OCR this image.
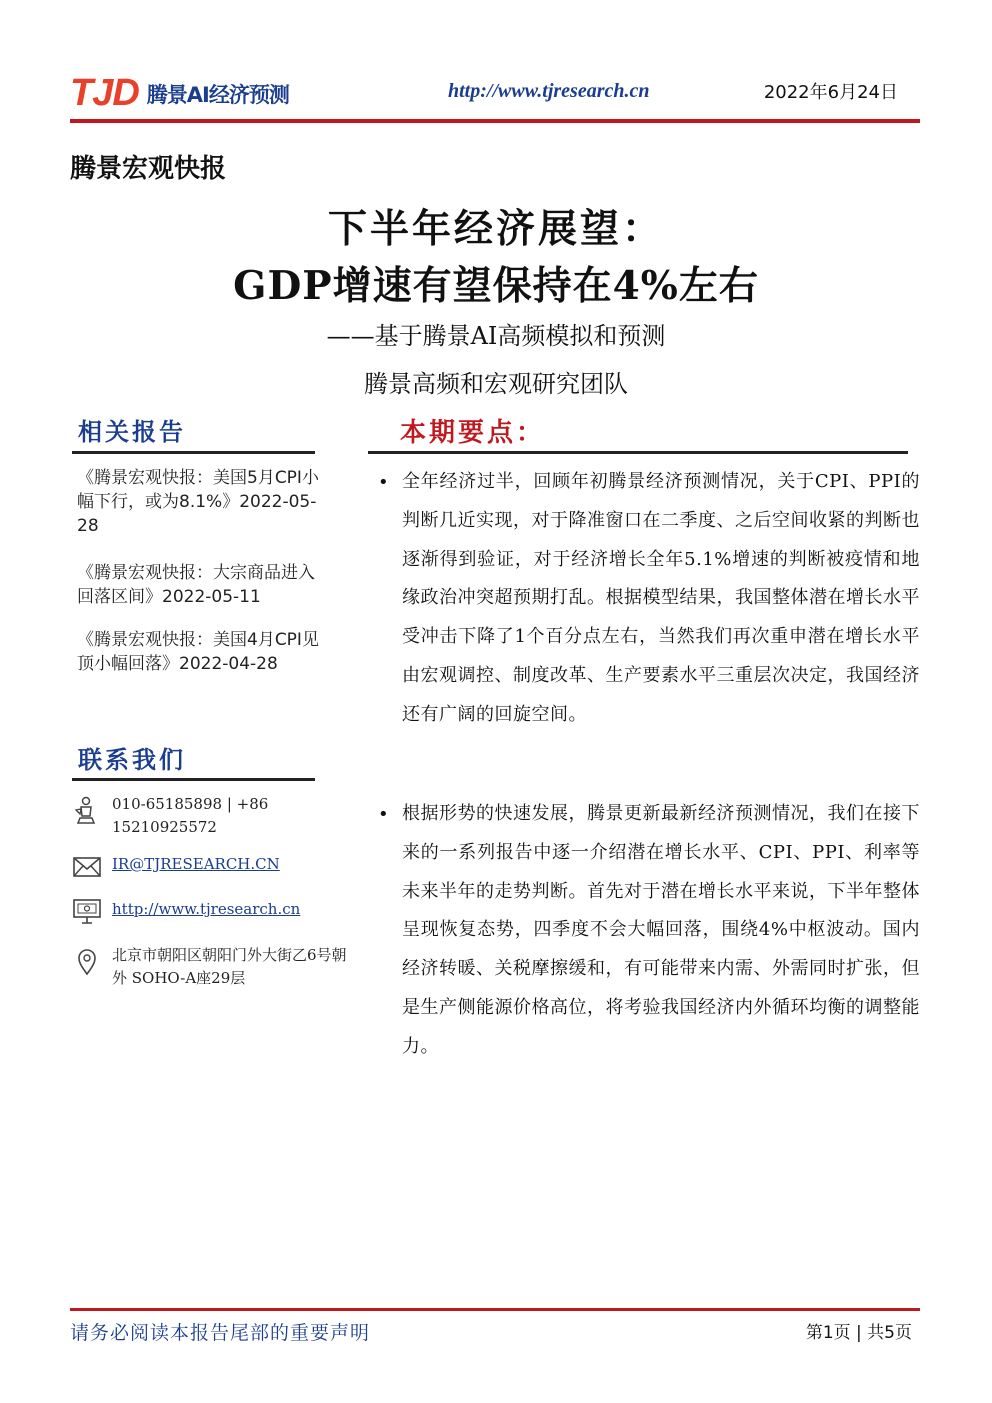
TJD 腾景AI经济预测	http://www.tjresearch.cn	2022年6月24日
腾景宏观快报
下半年经济展望：
GDP增速有望保持在4%左右
——基于腾景AI高频模拟和预测
腾景高频和宏观研究团队
相关报告
《腾景宏观快报：美国5月CPI小幅下行，或为8.1%》2022-05-28
《腾景宏观快报：大宗商品进入回落区间》2022-05-11
《腾景宏观快报：美国4月CPI见顶小幅回落》2022-04-28
联系我们
010-65185898 | +86 15210925572
IR@TJRESEARCH.CN
http://www.tjresearch.cn
北京市朝阳区朝阳门外大街乙6号朝外 SOHO-A座29层
本期要点：
• 全年经济过半，回顾年初腾景经济预测情况，关于CPI、PPI的判断几近实现，对于降准窗口在二季度、之后空间收紧的判断也逐渐得到验证，对于经济增长全年5.1%增速的判断被疫情和地缘政治冲突超预期打乱。根据模型结果，我国整体潜在增长水平受冲击下降了1个百分点左右，当然我们再次重申潜在增长水平由宏观调控、制度改革、生产要素水平三重层次决定，我国经济还有广阔的回旋空间。
• 根据形势的快速发展，腾景更新最新经济预测情况，我们在接下来的一系列报告中逐一介绍潜在增长水平、CPI、PPI、利率等未来半年的走势判断。首先对于潜在增长水平来说，下半年整体呈现恢复态势，四季度不会大幅回落，围绕4%中枢波动。国内经济转暖、关税摩擦缓和，有可能带来内需、外需同时扩张，但是生产侧能源价格高位，将考验我国经济内外循环均衡的调整能力。
请务必阅读本报告尾部的重要声明	第1页 | 共5页
